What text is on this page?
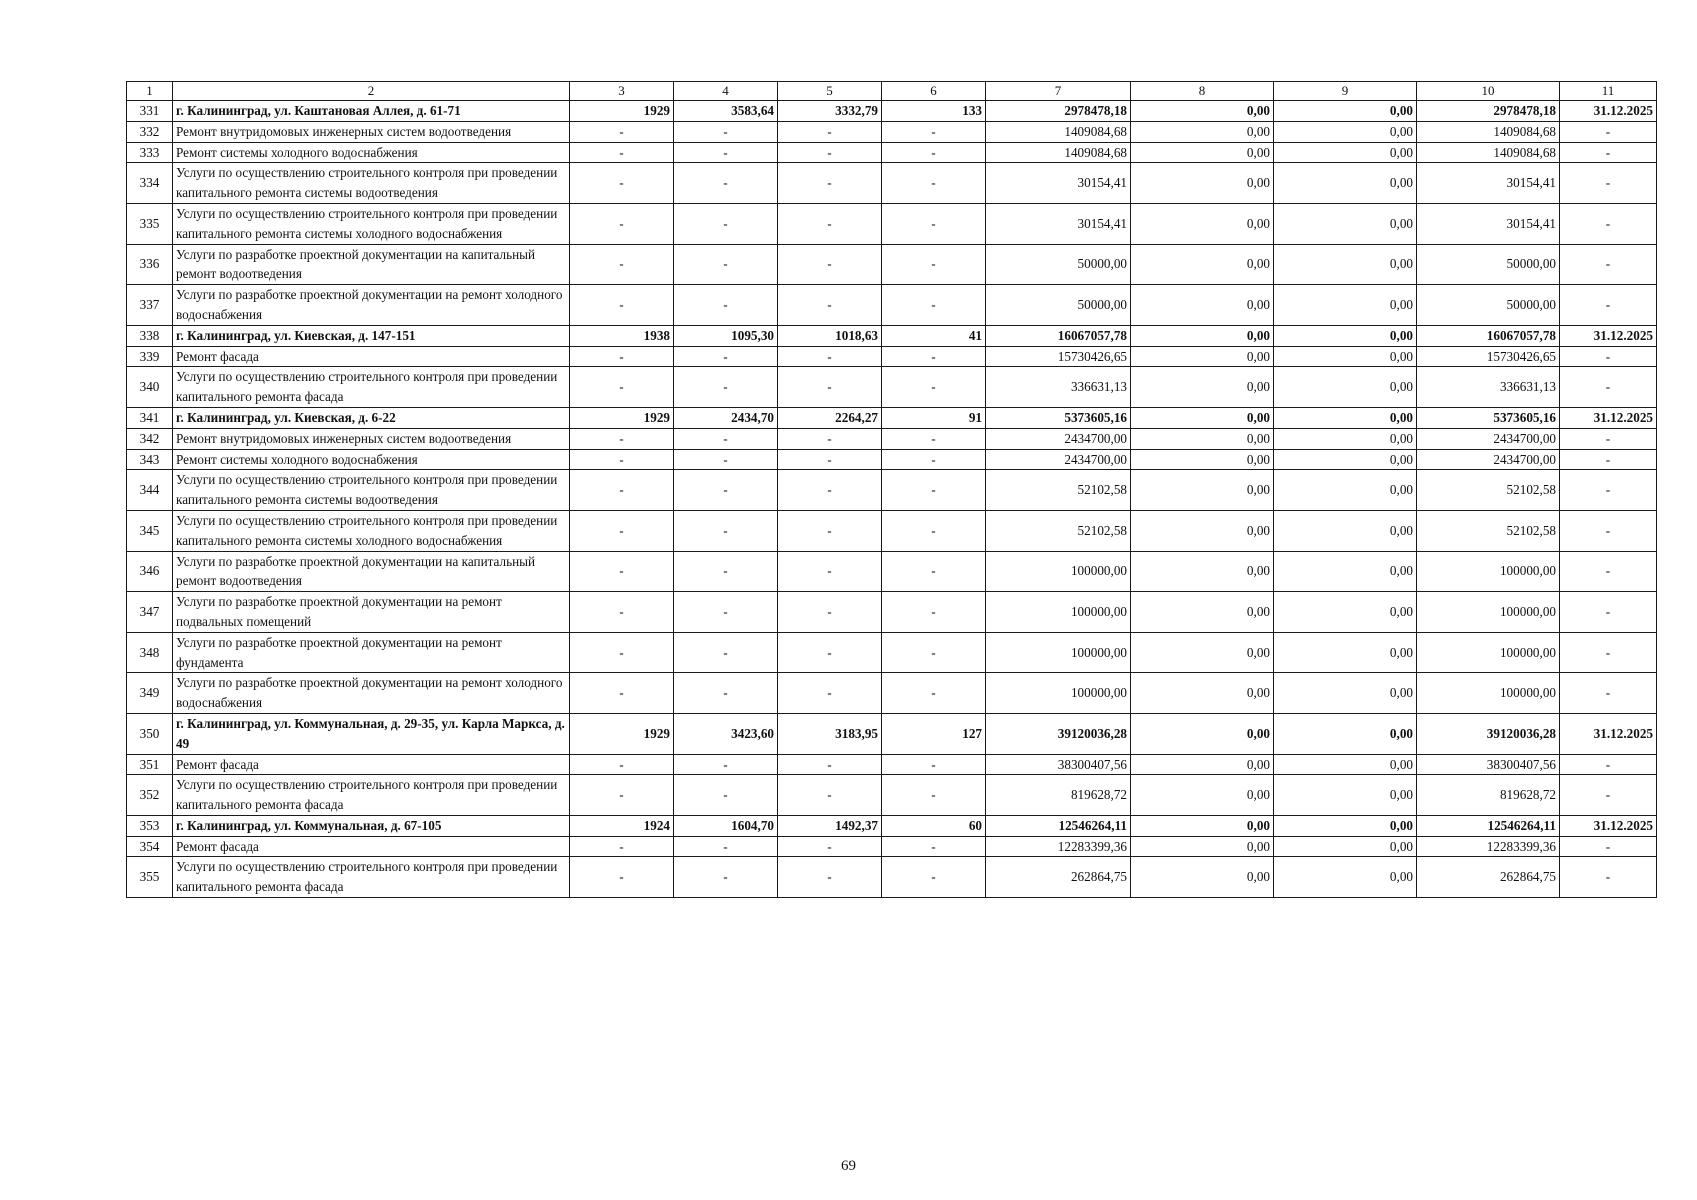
1	2	3	4	5	6	7	8	9	10	11
331	г. Калининград, ул. Каштановая Аллея, д. 61-71	1929	3583,64	3332,79	133	2978478,18	0,00	0,00	2978478,18	31.12.2025
332	Ремонт внутридомовых инженерных систем водоотведения	-	-	-	-	1409084,68	0,00	0,00	1409084,68	-
333	Ремонт системы холодного водоснабжения	-	-	-	-	1409084,68	0,00	0,00	1409084,68	-
334	Услуги по осуществлению строительного контроля при проведении капитального ремонта системы водоотведения	-	-	-	-	30154,41	0,00	0,00	30154,41	-
335	Услуги по осуществлению строительного контроля при проведении капитального ремонта системы холодного водоснабжения	-	-	-	-	30154,41	0,00	0,00	30154,41	-
336	Услуги по разработке проектной документации на капитальный ремонт водоотведения	-	-	-	-	50000,00	0,00	0,00	50000,00	-
337	Услуги по разработке проектной документации на ремонт холодного водоснабжения	-	-	-	-	50000,00	0,00	0,00	50000,00	-
338	г. Калининград, ул. Киевская, д. 147-151	1938	1095,30	1018,63	41	16067057,78	0,00	0,00	16067057,78	31.12.2025
339	Ремонт фасада	-	-	-	-	15730426,65	0,00	0,00	15730426,65	-
340	Услуги по осуществлению строительного контроля при проведении капитального ремонта фасада	-	-	-	-	336631,13	0,00	0,00	336631,13	-
341	г. Калининград, ул. Киевская, д. 6-22	1929	2434,70	2264,27	91	5373605,16	0,00	0,00	5373605,16	31.12.2025
342	Ремонт внутридомовых инженерных систем водоотведения	-	-	-	-	2434700,00	0,00	0,00	2434700,00	-
343	Ремонт системы холодного водоснабжения	-	-	-	-	2434700,00	0,00	0,00	2434700,00	-
344	Услуги по осуществлению строительного контроля при проведении капитального ремонта системы водоотведения	-	-	-	-	52102,58	0,00	0,00	52102,58	-
345	Услуги по осуществлению строительного контроля при проведении капитального ремонта системы холодного водоснабжения	-	-	-	-	52102,58	0,00	0,00	52102,58	-
346	Услуги по разработке проектной документации на капитальный ремонт водоотведения	-	-	-	-	100000,00	0,00	0,00	100000,00	-
347	Услуги по разработке проектной документации на ремонт подвальных помещений	-	-	-	-	100000,00	0,00	0,00	100000,00	-
348	Услуги по разработке проектной документации на ремонт фундамента	-	-	-	-	100000,00	0,00	0,00	100000,00	-
349	Услуги по разработке проектной документации на ремонт холодного водоснабжения	-	-	-	-	100000,00	0,00	0,00	100000,00	-
350	г. Калининград, ул. Коммунальная, д. 29-35, ул. Карла Маркса, д. 49	1929	3423,60	3183,95	127	39120036,28	0,00	0,00	39120036,28	31.12.2025
351	Ремонт фасада	-	-	-	-	38300407,56	0,00	0,00	38300407,56	-
352	Услуги по осуществлению строительного контроля при проведении капитального ремонта фасада	-	-	-	-	819628,72	0,00	0,00	819628,72	-
353	г. Калининград, ул. Коммунальная, д. 67-105	1924	1604,70	1492,37	60	12546264,11	0,00	0,00	12546264,11	31.12.2025
354	Ремонт фасада	-	-	-	-	12283399,36	0,00	0,00	12283399,36	-
355	Услуги по осуществлению строительного контроля при проведении капитального ремонта фасада	-	-	-	-	262864,75	0,00	0,00	262864,75	-
69
